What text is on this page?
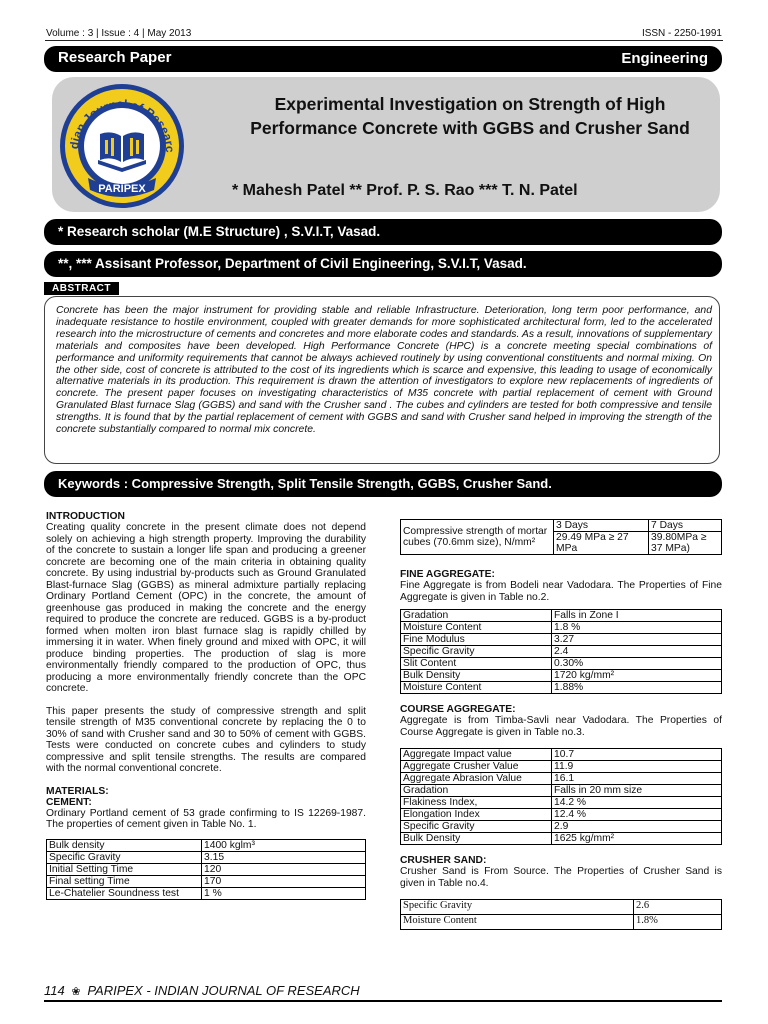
Volume : 3 | Issue : 4 | May 2013	ISSN - 2250-1991
Research Paper	Engineering
dian Journal of Researc
PARIPEX
Experimental Investigation on Strength of High Performance Concrete with GGBS and Crusher Sand
* Mahesh Patel ** Prof. P. S. Rao *** T. N. Patel
* Research scholar (M.E Structure) , S.V.I.T, Vasad.
**, *** Assisant Professor, Department of Civil Engineering, S.V.I.T, Vasad.
ABSTRACT
Concrete has been the major instrument for providing stable and reliable Infrastructure. Deterioration, long term poor performance, and inadequate resistance to hostile environment, coupled with greater demands for more sophisticated architectural form, led to the accelerated research into the microstructure of cements and concretes and more elaborate codes and standards. As a result, innovations of supplementary materials and composites have been developed. High Performance Concrete (HPC) is a concrete meeting special combinations of performance and uniformity requirements that cannot be always achieved routinely by using conventional constituents and normal mixing. On the other side, cost of concrete is attributed to the cost of its ingredients which is scarce and expensive, this leading to usage of economically alternative materials in its production. This requirement is drawn the attention of investigators to explore new replacements of ingredients of concrete. The present paper focuses on investigating characteristics of M35 concrete with partial replacement of cement with Ground Granulated Blast furnace Slag (GGBS) and sand with the Crusher sand . The cubes and cylinders are tested for both compressive and tensile strengths. It is found that by the partial replacement of cement with GGBS and sand with Crusher sand helped in improving the strength of the concrete substantially compared to normal mix concrete.
Keywords : Compressive Strength, Split Tensile Strength, GGBS, Crusher Sand.
INTRODUCTION
Creating quality concrete in the present climate does not depend solely on achieving a high strength property. Improving the durability of the concrete to sustain a longer life span and producing a greener concrete are becoming one of the main criteria in obtaining quality concrete. By using industrial by-products such as Ground Granulated Blast-furnace Slag (GGBS) as mineral admixture partially replacing Ordinary Portland Cement (OPC) in the concrete, the amount of greenhouse gas produced in making the concrete and the energy required to produce the concrete are reduced. GGBS is a by-product formed when molten iron blast furnace slag is rapidly chilled by immersing it in water. When finely ground and mixed with OPC, it will produce binding properties. The production of slag is more environmentally friendly compared to the production of OPC, thus producing a more environmentally friendly concrete than the OPC concrete.
This paper presents the study of compressive strength and split tensile strength of M35 conventional concrete by replacing the 0 to 30% of sand with Crusher sand and 30 to 50% of cement with GGBS. Tests were conducted on concrete cubes and cylinders to study compressive and split tensile strengths. The results are compared with the normal conventional concrete.
MATERIALS:
CEMENT:
Ordinary Portland cement of 53 grade confirming to IS 12269-1987. The properties of cement given in Table No. 1.
Bulk density	1400 kglm³
Specific Gravity	3.15
Initial Setting Time	120
Final setting Time	170
Le-Chatelier Soundness test	1 %
Compressive strength of mortar cubes (70.6mm size), N/mm²	3 Days	7 Days
	29.49 MPa ≥ 27 MPa	39.80MPa ≥ 37 MPa)
FINE AGGREGATE:
Fine Aggregate is from Bodeli near Vadodara. The Properties of Fine Aggregate is given in Table no.2.
Gradation	Falls in Zone I
Moisture Content	1.8 %
Fine Modulus	3.27
Specific Gravity	2.4
Slit Content	0.30%
Bulk Density	1720 kg/mm²
Moisture Content	1.88%
COURSE AGGREGATE:
Aggregate is from Timba-Savli near Vadodara. The Properties of Course Aggregate is given in Table no.3.
Aggregate Impact value	10.7
Aggregate Crusher Value	11.9
Aggregate Abrasion Value	16.1
Gradation	Falls in 20 mm size
Flakiness Index,	14.2 %
Elongation Index	12.4 %
Specific Gravity	2.9
Bulk Density	1625 kg/mm²
CRUSHER SAND:
Crusher Sand is From Source. The Properties of Crusher Sand is given in Table no.4.
Specific Gravity	2.6
Moisture Content	1.8%
114  ❀  PARIPEX - INDIAN JOURNAL OF RESEARCH
